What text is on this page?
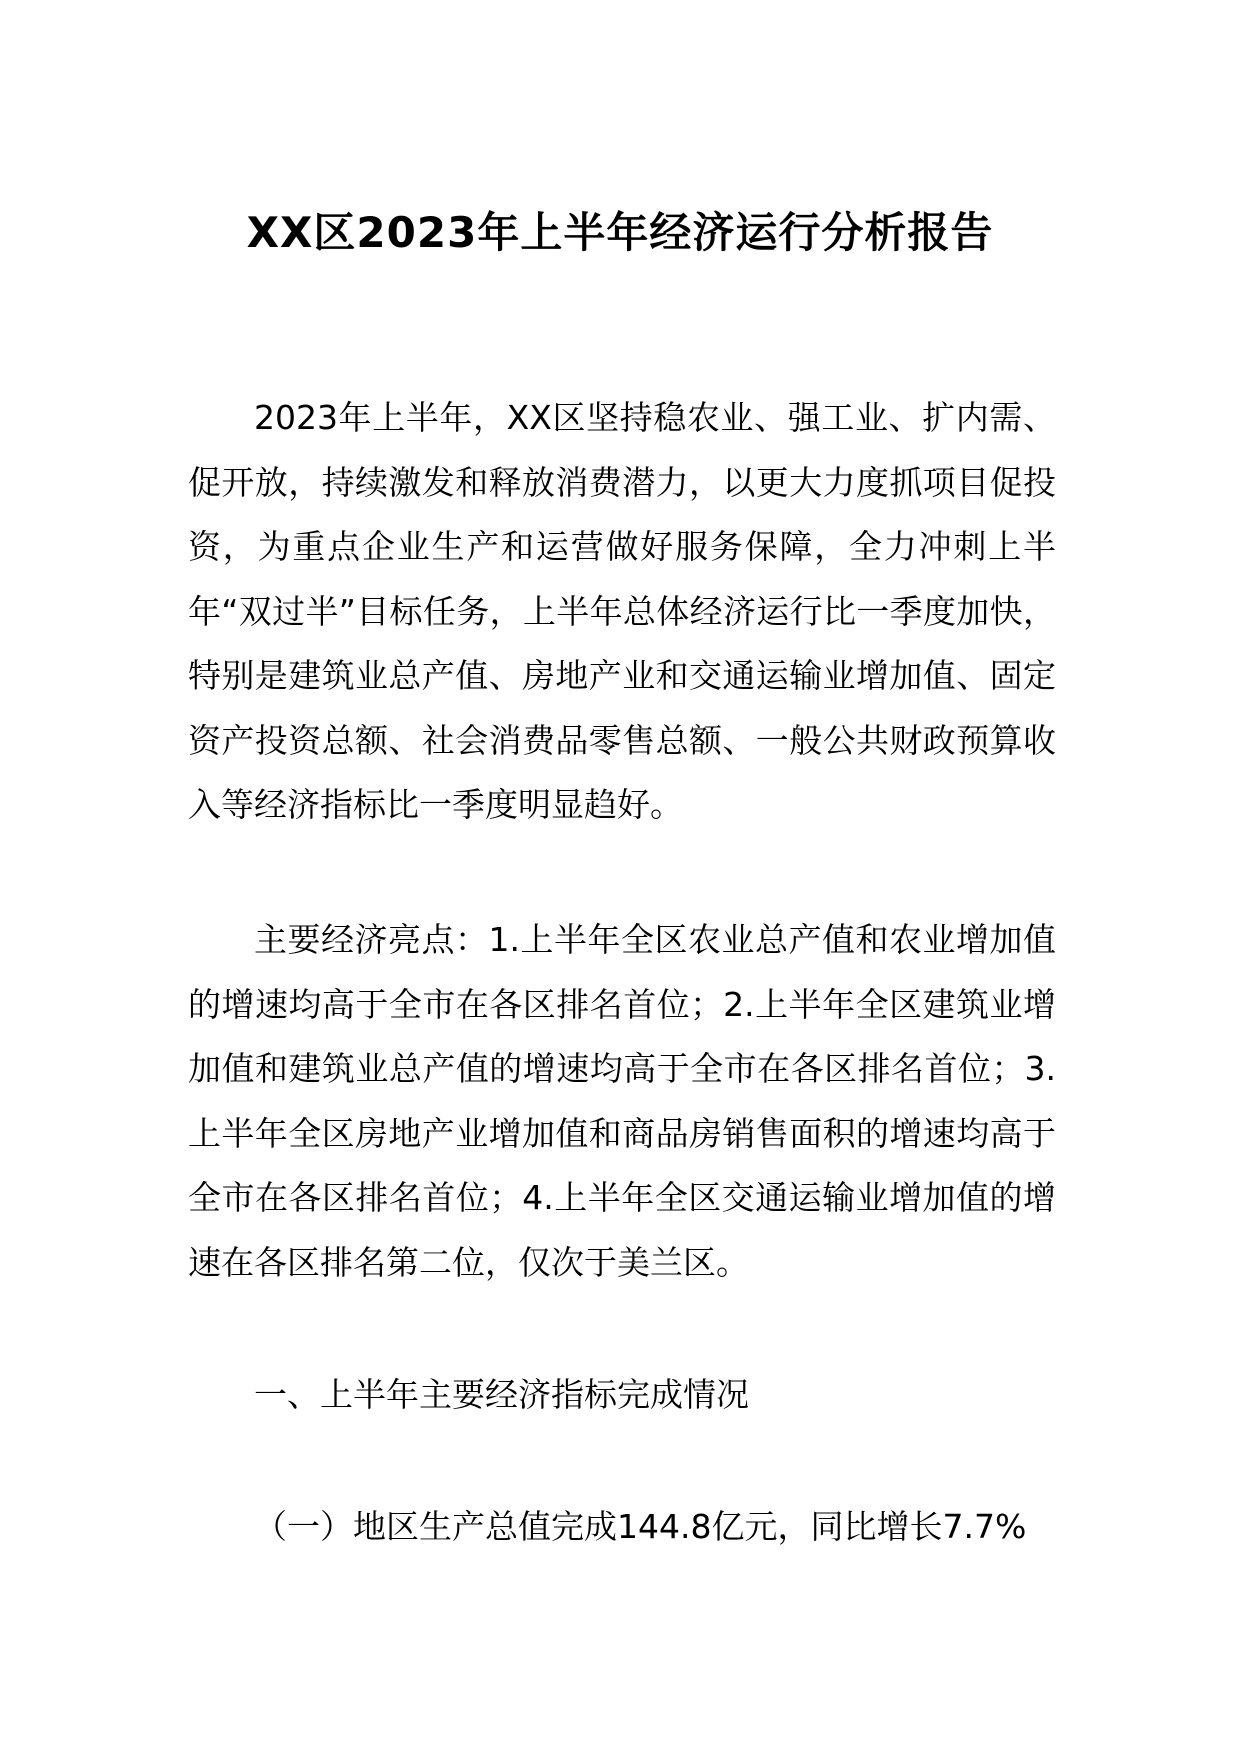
XX区2023年上半年经济运行分析报告

2023年上半年，XX区坚持稳农业、强工业、扩内需、促开放，持续激发和释放消费潜力，以更大力度抓项目促投资，为重点企业生产和运营做好服务保障，全力冲刺上半年“双过半”目标任务，上半年总体经济运行比一季度加快，特别是建筑业总产值、房地产业和交通运输业增加值、固定资产投资总额、社会消费品零售总额、一般公共财政预算收入等经济指标比一季度明显趋好。

主要经济亮点：1.上半年全区农业总产值和农业增加值的增速均高于全市在各区排名首位；2.上半年全区建筑业增加值和建筑业总产值的增速均高于全市在各区排名首位；3.上半年全区房地产业增加值和商品房销售面积的增速均高于全市在各区排名首位；4.上半年全区交通运输业增加值的增速在各区排名第二位，仅次于美兰区。

一、上半年主要经济指标完成情况

（一）地区生产总值完成144.8亿元，同比增长7.7%
